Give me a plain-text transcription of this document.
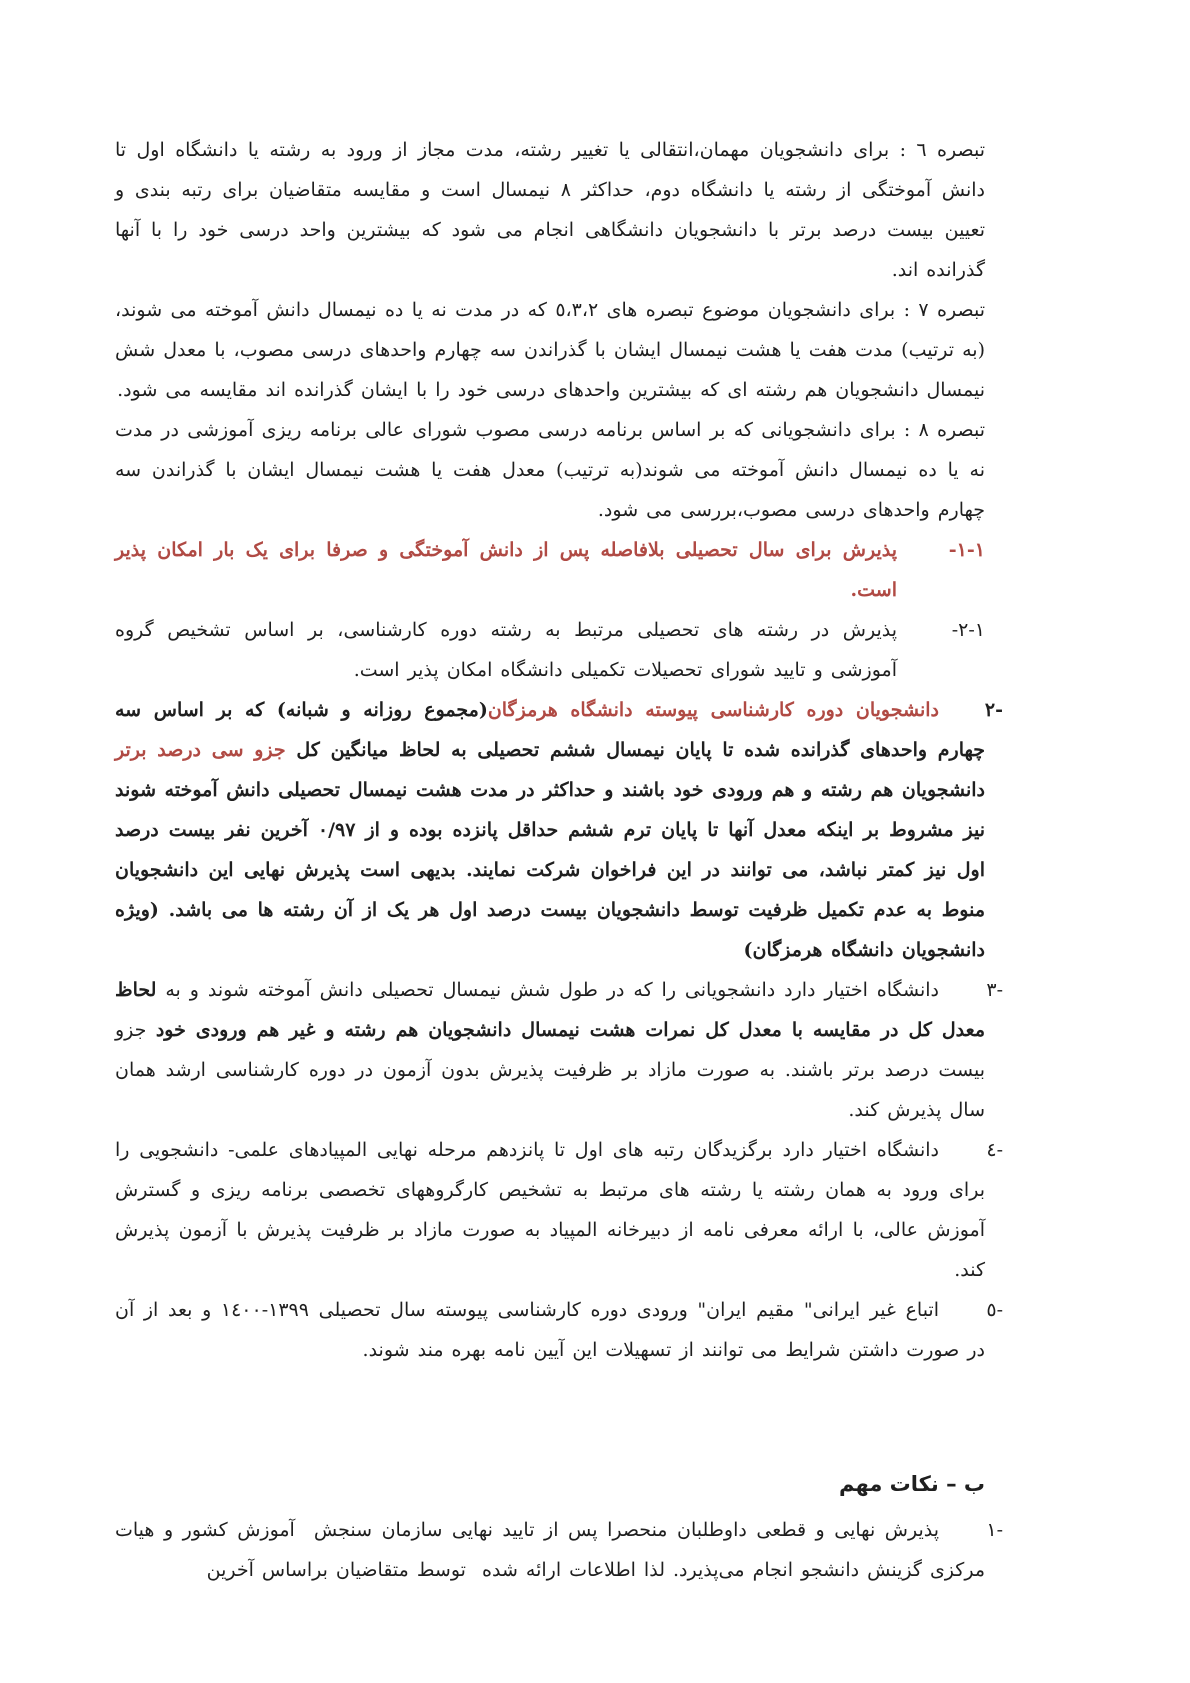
تبصره ٦ : برای دانشجویان مهمان،انتقالی یا تغییر رشته، مدت مجاز از ورود به رشته یا دانشگاه اول تا دانش آموختگی از رشته یا دانشگاه دوم، حداکثر ٨ نیمسال است و مقایسه متقاضیان برای رتبه بندی و تعیین بیست درصد برتر با دانشجویان دانشگاهی انجام می شود که بیشترین واحد درسی خود را با آنها گذرانده اند.

تبصره ٧ : برای دانشجویان موضوع تبصره های ٥،٣،٢ که در مدت نه یا ده نیمسال دانش آموخته می شوند،(به ترتیب) مدت هفت یا هشت نیمسال ایشان با گذراندن سه چهارم واحدهای درسی مصوب، با معدل شش نیمسال دانشجویان هم رشته ای که بیشترین واحدهای درسی خود را با ایشان گذرانده اند مقایسه می شود.

تبصره ٨ : برای دانشجویانی که بر اساس برنامه درسی مصوب شورای عالی برنامه ریزی آموزشی در مدت نه یا ده نیمسال دانش آموخته می شوند(به ترتیب) معدل هفت یا هشت نیمسال ایشان با گذراندن سه چهارم واحدهای درسی مصوب،بررسی می شود.

١-١-

پذیرش برای سال تحصیلی بلافاصله پس از دانش آموختگی و صرفا برای یک بار امکان پذیر است.

١-٢-

پذیرش در رشته های تحصیلی مرتبط به رشته دوره کارشناسی، بر اساس تشخیص گروه آموزشی و تایید شورای تحصیلات تکمیلی دانشگاه امکان پذیر است.

-٢

دانشجویان دوره کارشناسی پیوسته دانشگاه هرمزگان(مجموع روزانه و شبانه) که بر اساس سه چهارم واحدهای گذرانده شده تا پایان نیمسال ششم تحصیلی به لحاظ میانگین کل جزو سی درصد برتر دانشجویان هم رشته و هم ورودی خود باشند و حداکثر در مدت هشت نیمسال تحصیلی دانش آموخته شوند نیز مشروط بر اینکه معدل آنها تا پایان ترم ششم حداقل پانزده بوده و از ٠/٩٧ آخرین نفر بیست درصد اول نیز کمتر نباشد، می توانند در این فراخوان شرکت نمایند. بدیهی است پذیرش نهایی این دانشجویان منوط به عدم تکمیل ظرفیت توسط دانشجویان بیست درصد اول هر یک از آن رشته ها می باشد. (ویژه دانشجویان دانشگاه هرمزگان)

-٣

دانشگاه اختیار دارد دانشجویانی را که در طول شش نیمسال تحصیلی دانش آموخته شوند و به لحاظ معدل کل در مقایسه با معدل کل نمرات هشت نیمسال دانشجویان هم رشته و غیر هم ورودی خود جزو بیست درصد برتر باشند. به صورت مازاد بر ظرفیت پذیرش بدون آزمون در دوره کارشناسی ارشد همان سال پذیرش کند.

-٤

دانشگاه اختیار دارد برگزیدگان رتبه های اول تا پانزدهم مرحله نهایی المپیادهای علمی- دانشجویی را برای ورود به همان رشته یا رشته های مرتبط به تشخیص کارگروههای تخصصی برنامه ریزی و گسترش آموزش عالی، با ارائه معرفی نامه از دبیرخانه المپیاد به صورت مازاد بر ظرفیت پذیرش با آزمون پذیرش کند.

-٥

اتباع غیر ایرانی" مقیم ایران" ورودی دوره کارشناسی پیوسته سال تحصیلی ١٣٩٩-١٤٠٠ و بعد از آن در صورت داشتن شرایط می توانند از تسهیلات این آیین نامه بهره مند شوند.

ب – نکات مهم
-١

پذیرش نهایی و قطعی داوطلبان منحصرا پس از تایید نهایی سازمان سنجش  آموزش کشور و هیات مرکزی گزینش دانشجو انجام می‌پذیرد. لذا اطلاعات ارائه شده  توسط متقاضیان براساس آخرین
